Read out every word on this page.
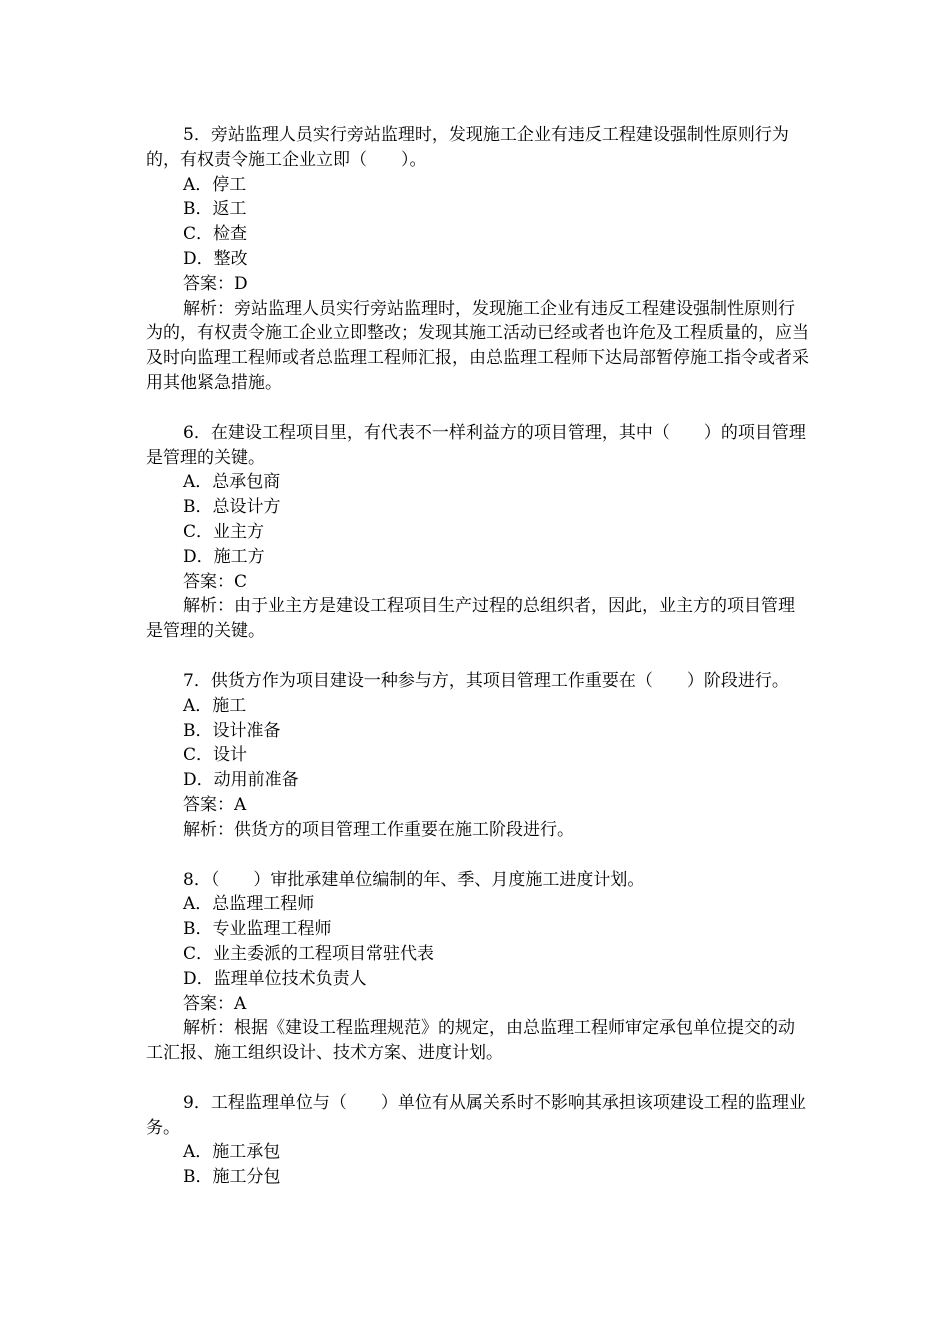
5．旁站监理人员实行旁站监理时，发现施工企业有违反工程建设强制性原则行为的，有权责令施工企业立即（　　）。

A．停工

B．返工

C．检查

D．整改

答案：D

解析：旁站监理人员实行旁站监理时，发现施工企业有违反工程建设强制性原则行为的，有权责令施工企业立即整改；发现其施工活动已经或者也许危及工程质量的，应当及时向监理工程师或者总监理工程师汇报，由总监理工程师下达局部暂停施工指令或者采用其他紧急措施。

6．在建设工程项目里，有代表不一样利益方的项目管理，其中（　　）的项目管理是管理的关键。

A．总承包商

B．总设计方

C．业主方

D．施工方

答案：C

解析：由于业主方是建设工程项目生产过程的总组织者，因此，业主方的项目管理是管理的关键。

7．供货方作为项目建设一种参与方，其项目管理工作重要在（　　）阶段进行。

A．施工

B．设计准备

C．设计

D．动用前准备

答案：A

解析：供货方的项目管理工作重要在施工阶段进行。

8．（　　）审批承建单位编制的年、季、月度施工进度计划。

A．总监理工程师

B．专业监理工程师

C．业主委派的工程项目常驻代表

D．监理单位技术负责人

答案：A

解析：根据《建设工程监理规范》的规定，由总监理工程师审定承包单位提交的动工汇报、施工组织设计、技术方案、进度计划。

9．工程监理单位与（　　）单位有从属关系时不影响其承担该项建设工程的监理业务。

A．施工承包

B．施工分包
